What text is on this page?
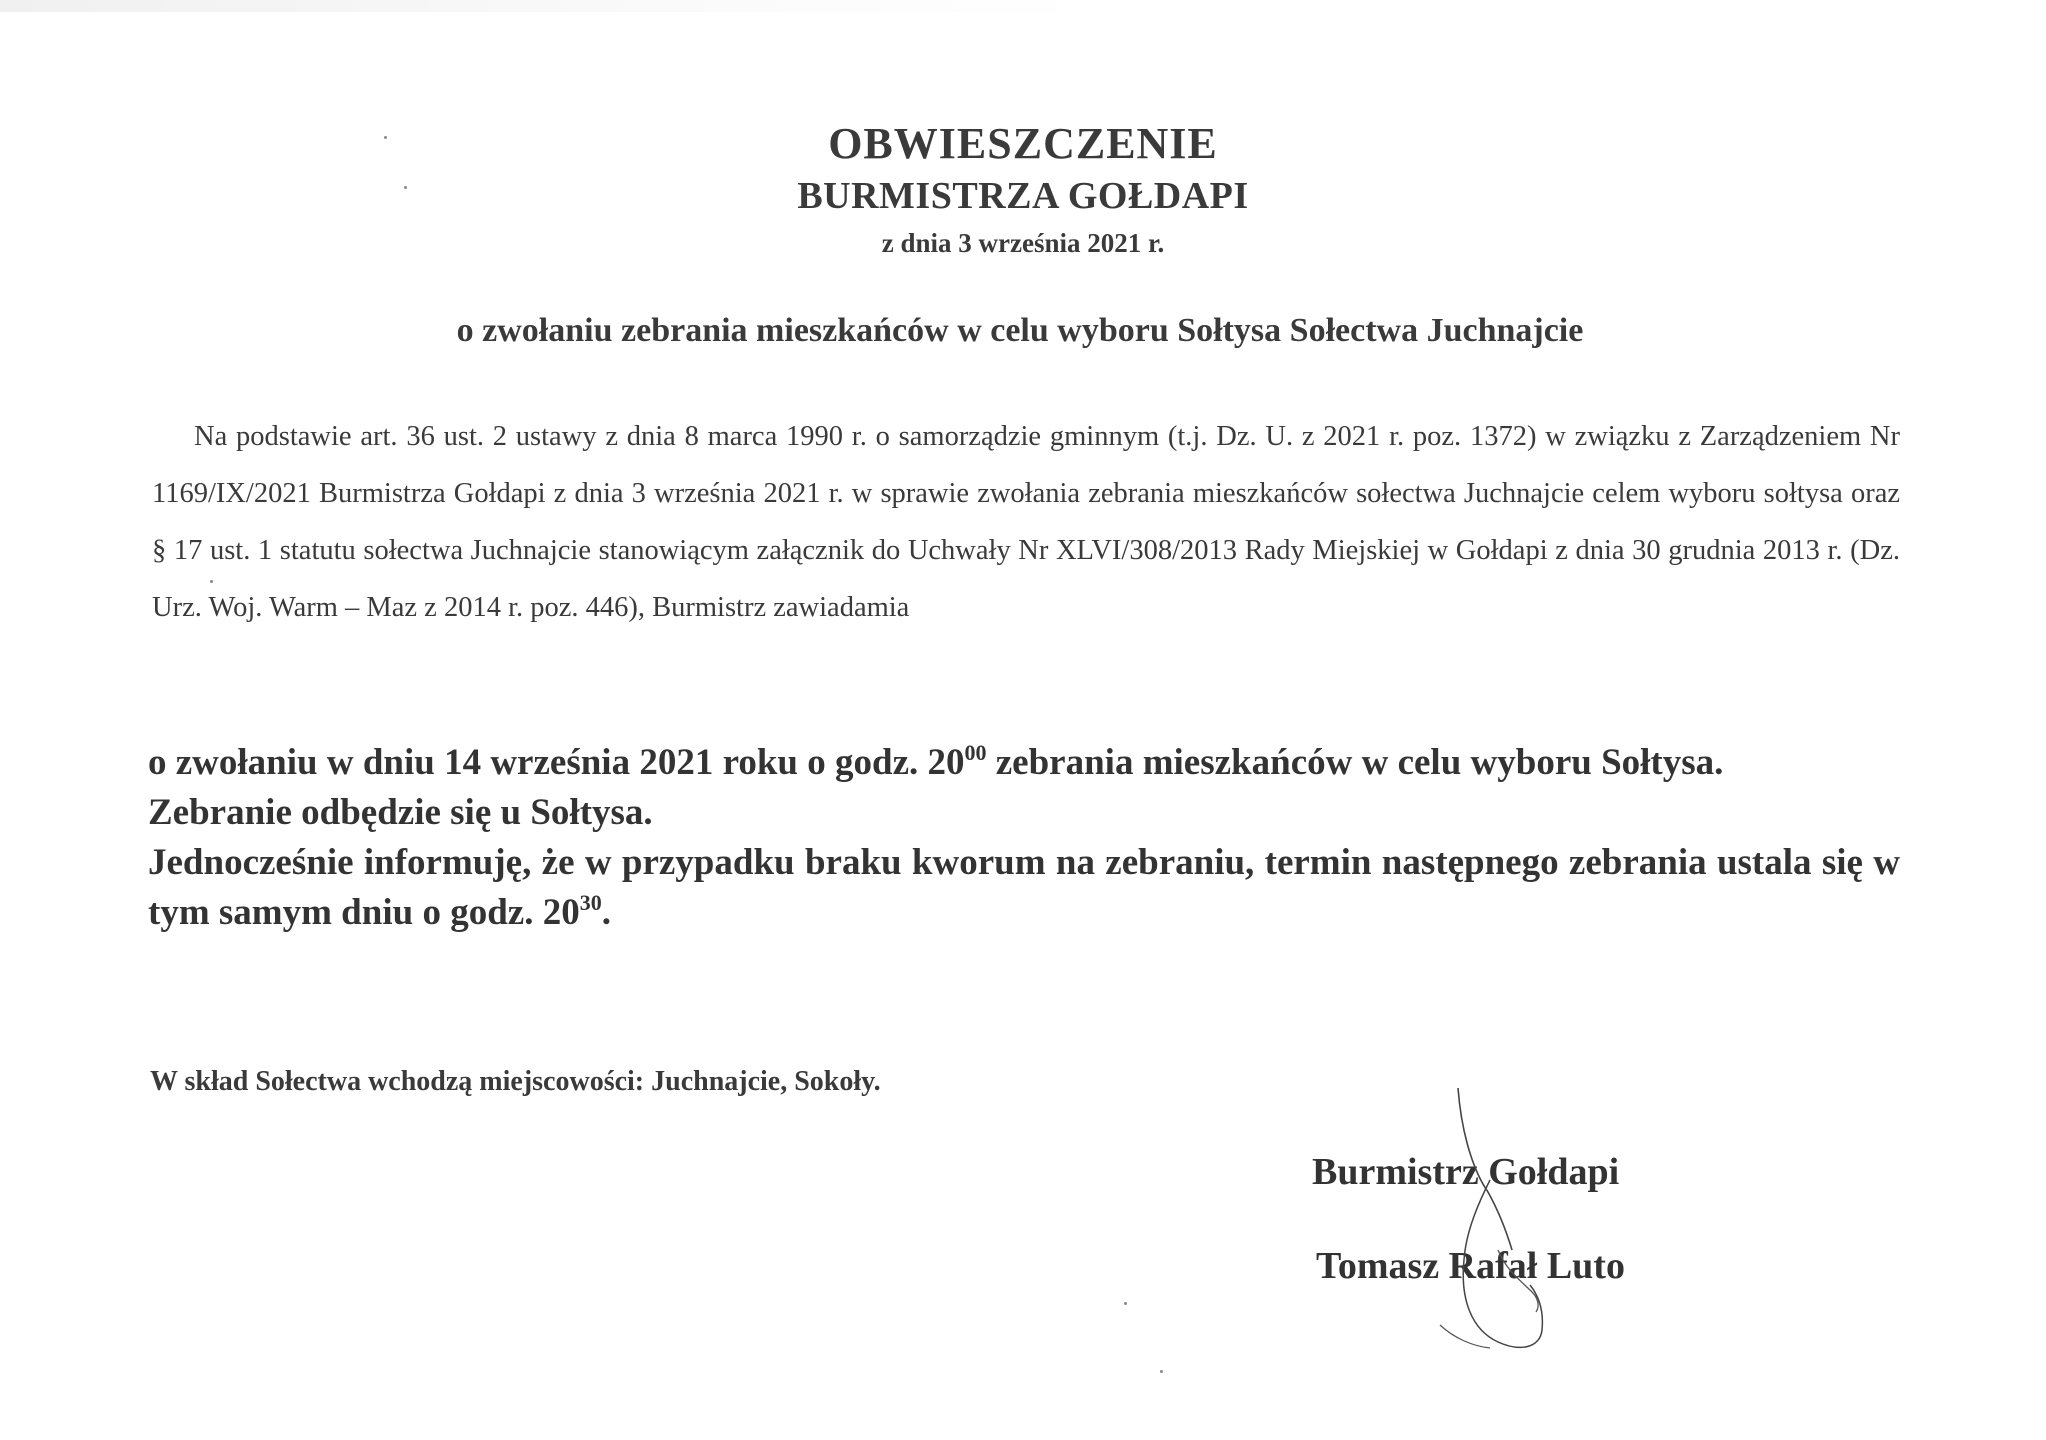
OBWIESZCZENIE
BURMISTRZA GOŁDAPI
z dnia 3 września 2021 r.
o zwołaniu zebrania mieszkańców w celu wyboru Sołtysa Sołectwa Juchnajcie
Na podstawie art. 36 ust. 2 ustawy z dnia 8 marca 1990 r. o samorządzie gminnym (t.j. Dz. U. z 2021 r. poz. 1372) w związku z Zarządzeniem Nr 1169/IX/2021 Burmistrza Gołdapi z dnia 3 września 2021 r. w sprawie zwołania zebrania mieszkańców sołectwa Juchnajcie celem wyboru sołtysa oraz § 17 ust. 1 statutu sołectwa Juchnajcie stanowiącym załącznik do Uchwały Nr XLVI/308/2013 Rady Miejskiej w Gołdapi z dnia 30 grudnia 2013 r. (Dz. Urz. Woj. Warm – Maz z 2014 r. poz. 446), Burmistrz zawiadamia

o zwołaniu w dniu 14 września 2021 roku o godz. $20^{00}$ zebrania mieszkańców w celu wyboru Sołtysa.

Zebranie odbędzie się u Sołtysa.

Jednocześnie informuję, że w przypadku braku kworum na zebraniu, termin następnego zebrania ustala się w tym samym dniu o godz. $20^{30}$.

W skład Sołectwa wchodzą miejscowości: Juchnajcie, Sokoły.
Burmistrz Gołdapi
Tomasz Rafał Luto
